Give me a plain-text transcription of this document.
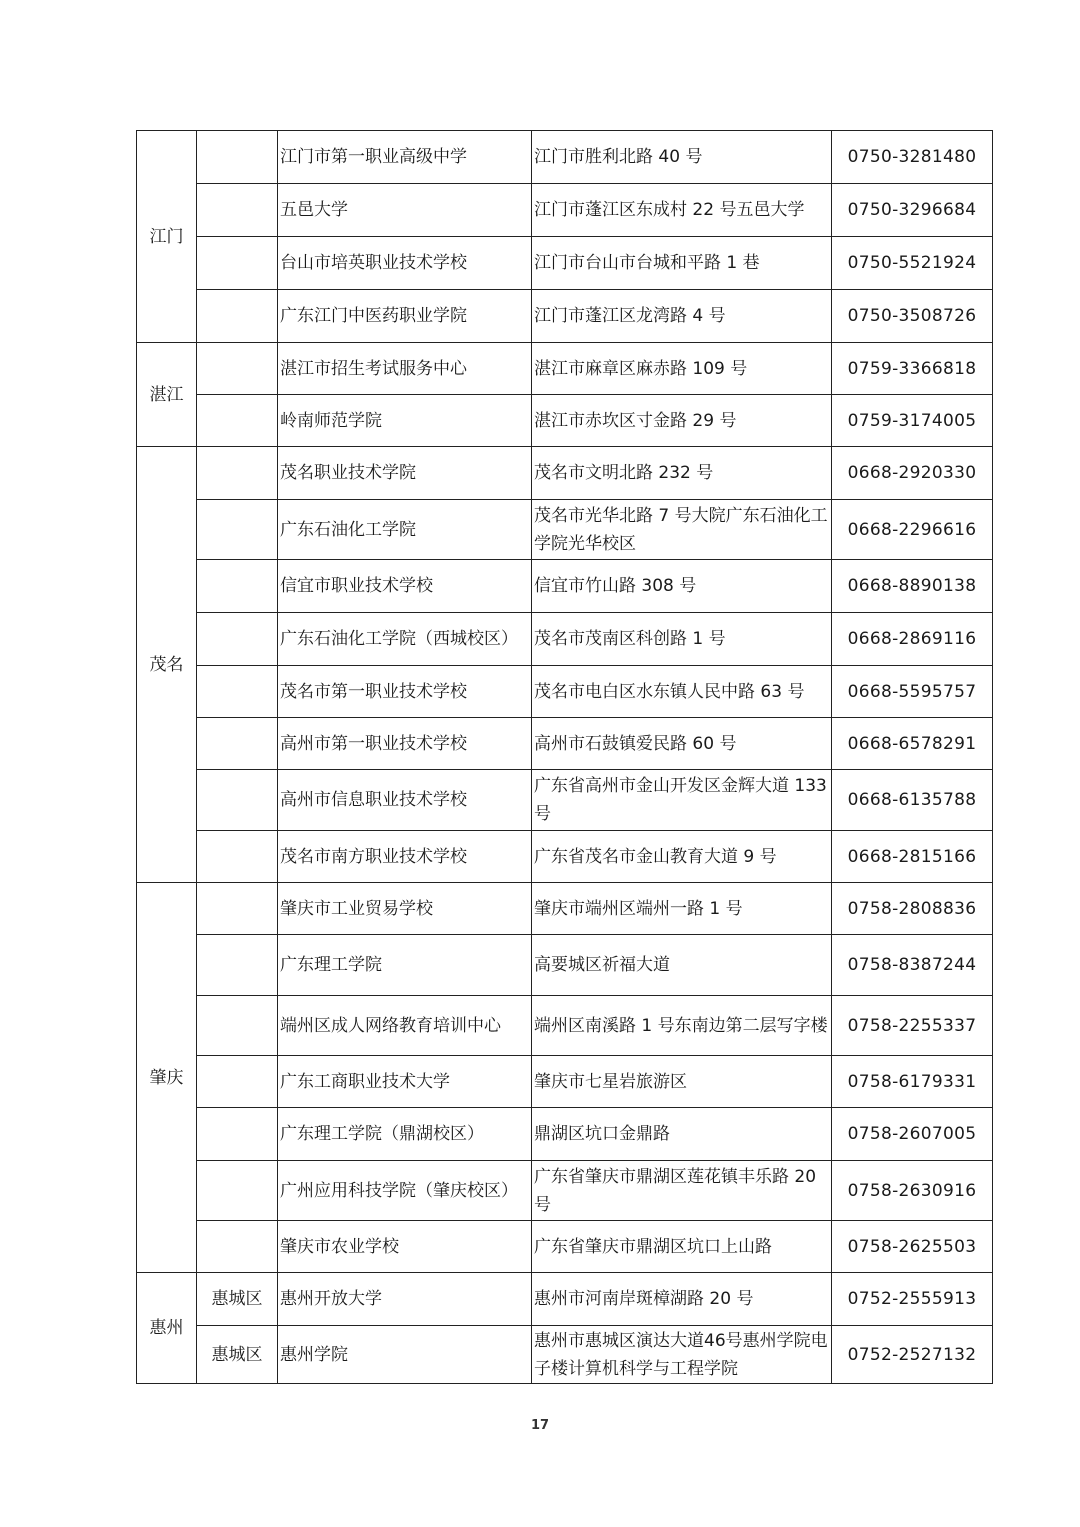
江门		江门市第一职业高级中学	江门市胜利北路 40 号	0750-3281480
		五邑大学	江门市蓬江区东成村 22 号五邑大学	0750-3296684
		台山市培英职业技术学校	江门市台山市台城和平路 1 巷	0750-5521924
		广东江门中医药职业学院	江门市蓬江区龙湾路 4 号	0750-3508726
湛江		湛江市招生考试服务中心	湛江市麻章区麻赤路 109 号	0759-3366818
		岭南师范学院	湛江市赤坎区寸金路 29 号	0759-3174005
茂名		茂名职业技术学院	茂名市文明北路 232 号	0668-2920330
		广东石油化工学院	茂名市光华北路 7 号大院广东石油化工学院光华校区	0668-2296616
		信宜市职业技术学校	信宜市竹山路 308 号	0668-8890138
		广东石油化工学院（西城校区）	茂名市茂南区科创路 1 号	0668-2869116
		茂名市第一职业技术学校	茂名市电白区水东镇人民中路 63 号	0668-5595757
		高州市第一职业技术学校	高州市石鼓镇爱民路 60 号	0668-6578291
		高州市信息职业技术学校	广东省高州市金山开发区金辉大道 133 号	0668-6135788
		茂名市南方职业技术学校	广东省茂名市金山教育大道 9 号	0668-2815166
肇庆		肇庆市工业贸易学校	肇庆市端州区端州一路 1 号	0758-2808836
		广东理工学院	高要城区祈福大道	0758-8387244
		端州区成人网络教育培训中心	端州区南溪路 1 号东南边第二层写字楼	0758-2255337
		广东工商职业技术大学	肇庆市七星岩旅游区	0758-6179331
		广东理工学院（鼎湖校区）	鼎湖区坑口金鼎路	0758-2607005
		广州应用科技学院（肇庆校区）	广东省肇庆市鼎湖区莲花镇丰乐路 20 号	0758-2630916
		肇庆市农业学校	广东省肇庆市鼎湖区坑口上山路	0758-2625503
惠州	惠城区	惠州开放大学	惠州市河南岸斑樟湖路 20 号	0752-2555913
	惠城区	惠州学院	惠州市惠城区演达大道46号惠州学院电子楼计算机科学与工程学院	0752-2527132
17
